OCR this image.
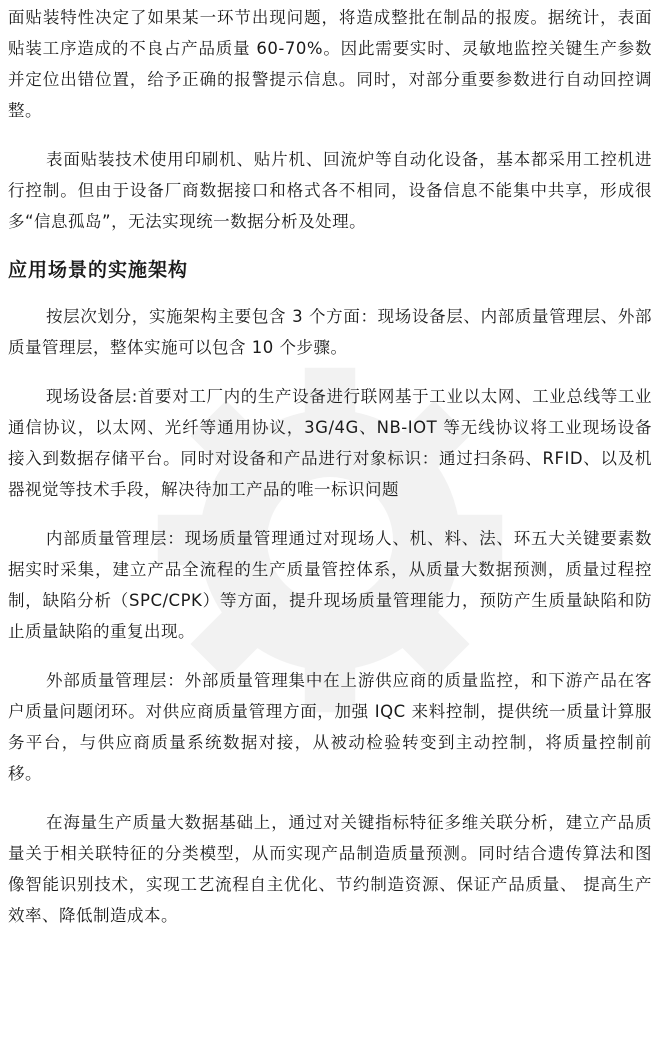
面贴装特性决定了如果某一环节出现问题，将造成整批在制品的报废。据统计，表面贴装工序造成的不良占产品质量 60-70%。因此需要实时、灵敏地监控关键生产参数并定位出错位置，给予正确的报警提示信息。同时，对部分重要参数进行自动回控调整。

表面贴装技术使用印刷机、贴片机、回流炉等自动化设备，基本都采用工控机进行控制。但由于设备厂商数据接口和格式各不相同，设备信息不能集中共享，形成很多“信息孤岛”，无法实现统一数据分析及处理。

应用场景的实施架构

按层次划分，实施架构主要包含 3 个方面：现场设备层、内部质量管理层、外部质量管理层，整体实施可以包含 10 个步骤。

现场设备层:首要对工厂内的生产设备进行联网基于工业以太网、工业总线等工业通信协议，以太网、光纤等通用协议，3G/4G、NB-IOT 等无线协议将工业现场设备接入到数据存储平台。同时对设备和产品进行对象标识：通过扫条码、RFID、以及机器视觉等技术手段，解决待加工产品的唯一标识问题

内部质量管理层：现场质量管理通过对现场人、机、料、法、环五大关键要素数据实时采集，建立产品全流程的生产质量管控体系，从质量大数据预测，质量过程控制，缺陷分析（SPC/CPK）等方面，提升现场质量管理能力，预防产生质量缺陷和防止质量缺陷的重复出现。

外部质量管理层：外部质量管理集中在上游供应商的质量监控，和下游产品在客户质量问题闭环。对供应商质量管理方面，加强 IQC 来料控制，提供统一质量计算服务平台，与供应商质量系统数据对接，从被动检验转变到主动控制，将质量控制前移。

在海量生产质量大数据基础上，通过对关键指标特征多维关联分析，建立产品质量关于相关联特征的分类模型，从而实现产品制造质量预测。同时结合遗传算法和图像智能识别技术，实现工艺流程自主优化、节约制造资源、保证产品质量、 提高生产效率、降低制造成本。
